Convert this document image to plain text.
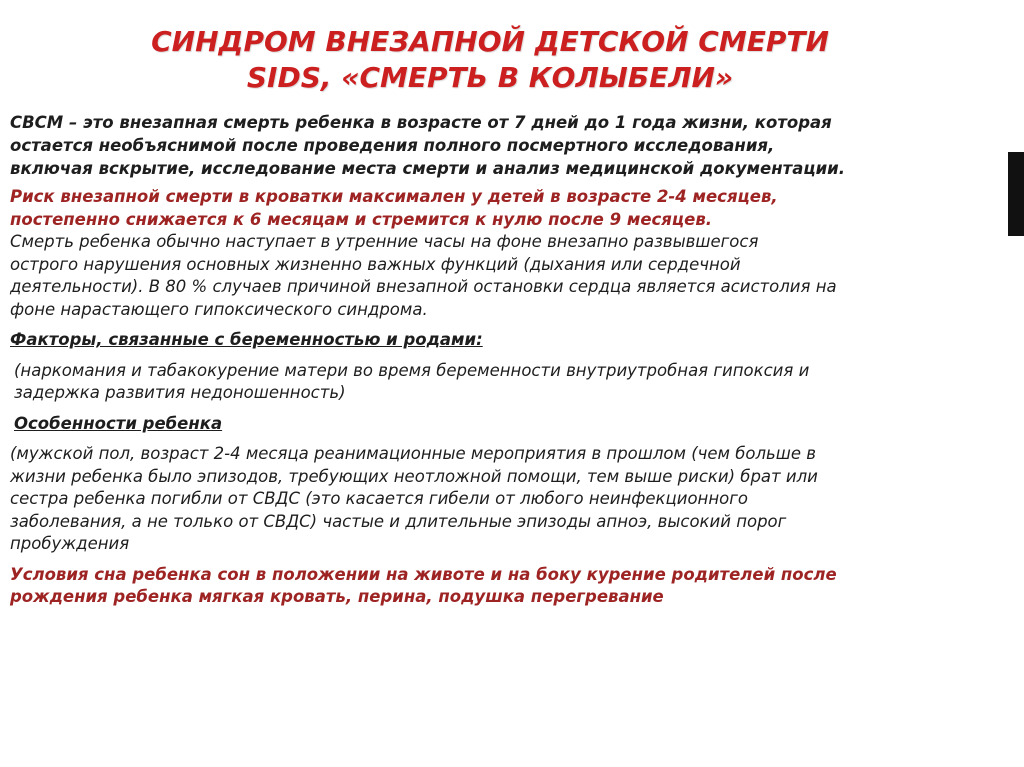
СИНДРОМ ВНЕЗАПНОЙ ДЕТСКОЙ СМЕРТИ
SIDS, «СМЕРТЬ В КОЛЫБЕЛИ»

СВСМ – это внезапная смерть ребенка в возрасте от 7 дней до 1 года жизни, которая
остается необъяснимой после проведения полного посмертного исследования,
включая вскрытие, исследование места смерти и анализ медицинской документации.

Риск внезапной смерти в кроватки максимален у детей в возрасте 2-4 месяцев,
постепенно снижается к 6 месяцам и стремится к нулю после 9 месяцев.

Смерть ребенка обычно наступает в утренние часы на фоне внезапно развывшегося
острого нарушения основных жизненно важных функций (дыхания или сердечной
деятельности). В 80 % случаев причиной внезапной остановки сердца является асистолия на
фоне нарастающего гипоксического синдрома.

Факторы, связанные с беременностью и родами:

(наркомания и табакокурение матери во время беременности внутриутробная гипоксия и
задержка развития недоношенность)

Особенности ребенка

(мужской пол, возраст 2-4 месяца реанимационные мероприятия в прошлом (чем больше в
жизни ребенка было эпизодов, требующих неотложной помощи, тем выше риски) брат или
сестра ребенка погибли от СВДС (это касается гибели от любого неинфекционного
заболевания, а не только от СВДС) частые и длительные эпизоды апноэ, высокий порог
пробуждения

Условия сна ребенка сон в положении на животе и на боку курение родителей после
рождения ребенка мягкая кровать, перина, подушка перегревание
